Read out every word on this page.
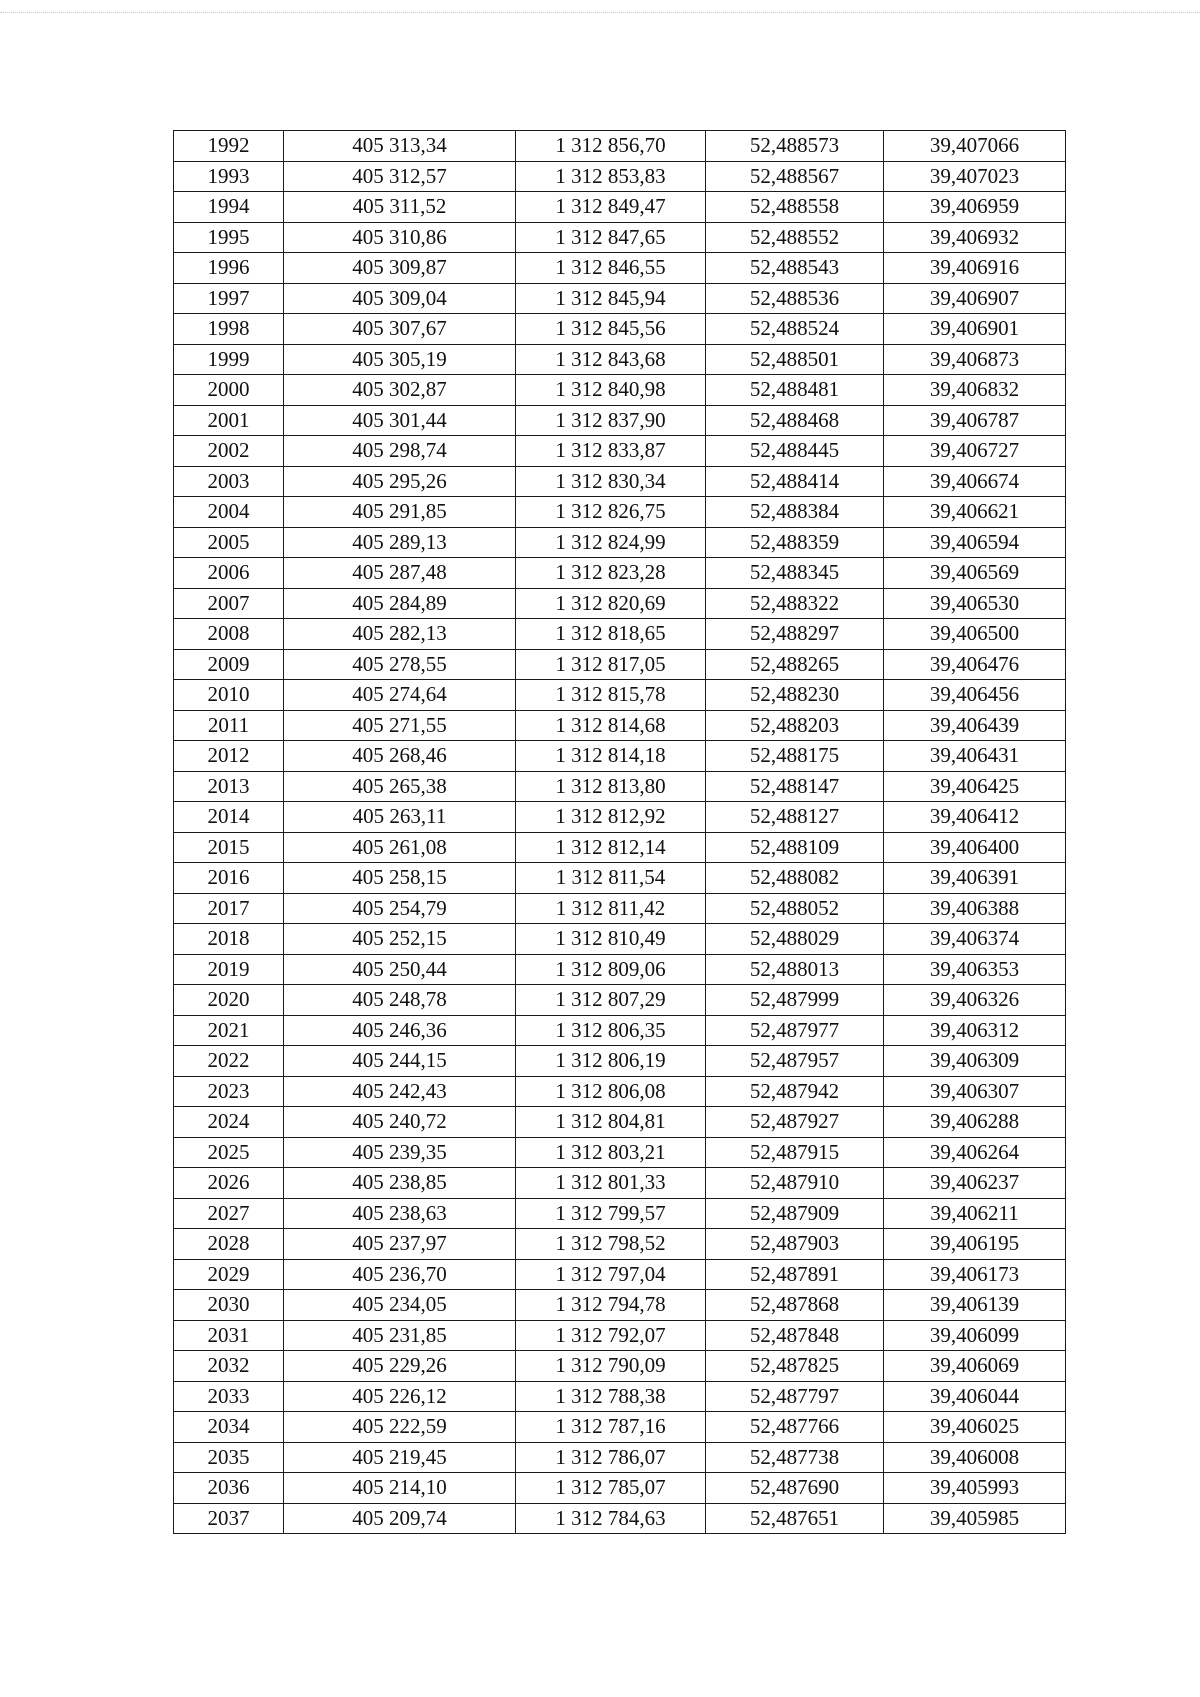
1992	405 313,34	1 312 856,70	52,488573	39,407066
1993	405 312,57	1 312 853,83	52,488567	39,407023
1994	405 311,52	1 312 849,47	52,488558	39,406959
1995	405 310,86	1 312 847,65	52,488552	39,406932
1996	405 309,87	1 312 846,55	52,488543	39,406916
1997	405 309,04	1 312 845,94	52,488536	39,406907
1998	405 307,67	1 312 845,56	52,488524	39,406901
1999	405 305,19	1 312 843,68	52,488501	39,406873
2000	405 302,87	1 312 840,98	52,488481	39,406832
2001	405 301,44	1 312 837,90	52,488468	39,406787
2002	405 298,74	1 312 833,87	52,488445	39,406727
2003	405 295,26	1 312 830,34	52,488414	39,406674
2004	405 291,85	1 312 826,75	52,488384	39,406621
2005	405 289,13	1 312 824,99	52,488359	39,406594
2006	405 287,48	1 312 823,28	52,488345	39,406569
2007	405 284,89	1 312 820,69	52,488322	39,406530
2008	405 282,13	1 312 818,65	52,488297	39,406500
2009	405 278,55	1 312 817,05	52,488265	39,406476
2010	405 274,64	1 312 815,78	52,488230	39,406456
2011	405 271,55	1 312 814,68	52,488203	39,406439
2012	405 268,46	1 312 814,18	52,488175	39,406431
2013	405 265,38	1 312 813,80	52,488147	39,406425
2014	405 263,11	1 312 812,92	52,488127	39,406412
2015	405 261,08	1 312 812,14	52,488109	39,406400
2016	405 258,15	1 312 811,54	52,488082	39,406391
2017	405 254,79	1 312 811,42	52,488052	39,406388
2018	405 252,15	1 312 810,49	52,488029	39,406374
2019	405 250,44	1 312 809,06	52,488013	39,406353
2020	405 248,78	1 312 807,29	52,487999	39,406326
2021	405 246,36	1 312 806,35	52,487977	39,406312
2022	405 244,15	1 312 806,19	52,487957	39,406309
2023	405 242,43	1 312 806,08	52,487942	39,406307
2024	405 240,72	1 312 804,81	52,487927	39,406288
2025	405 239,35	1 312 803,21	52,487915	39,406264
2026	405 238,85	1 312 801,33	52,487910	39,406237
2027	405 238,63	1 312 799,57	52,487909	39,406211
2028	405 237,97	1 312 798,52	52,487903	39,406195
2029	405 236,70	1 312 797,04	52,487891	39,406173
2030	405 234,05	1 312 794,78	52,487868	39,406139
2031	405 231,85	1 312 792,07	52,487848	39,406099
2032	405 229,26	1 312 790,09	52,487825	39,406069
2033	405 226,12	1 312 788,38	52,487797	39,406044
2034	405 222,59	1 312 787,16	52,487766	39,406025
2035	405 219,45	1 312 786,07	52,487738	39,406008
2036	405 214,10	1 312 785,07	52,487690	39,405993
2037	405 209,74	1 312 784,63	52,487651	39,405985
